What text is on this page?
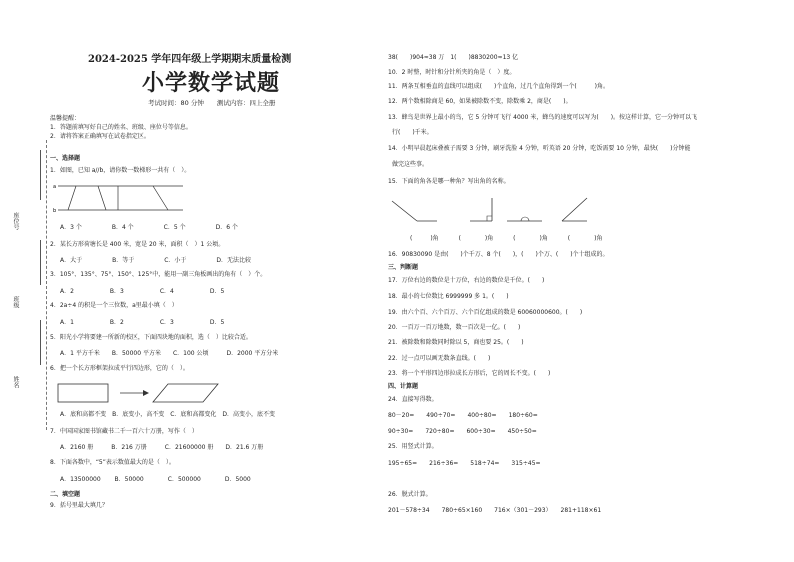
座位号
班级
姓名
2024-2025 学年四年级上学期期末质量检测
小学数学试题
考试时间：80 分钟　　测试内容：四上全册
温馨提醒：
1．答题前填写好自己的姓名、班级、座位号等信息。
2．请将答案正确填写在试卷指定区。
一、选择题
1．如图，已知 a//b，请你数一数梯形一共有（　）。
A．3 个　　　　　B．4 个　　　　　C．5 个　　　　　D．6 个
2．某长方形荷塘长是 400 米，宽是 20 米，面积（　）1 公顷。
A．大于　　　　　B．等于　　　　　C．小于　　　　　D．无法比较
3．105°、135°、75°、150°、125°中，能用一副三角板画出的角有（　）个。
A．2　　　　　　B．3　　　　　　C．4　　　　　　D．5
4．2a÷4 的积是一个三位数，a里最小填（　）
A．1　　　　　　B．2　　　　　　C．3　　　　　　D．5
5．阳光小学将要建一所新的校区，下面四块地的面积，选（　）比较合适。
A．1 平方千米　　B．50000 平方米　　C．100 公顷　　　D．2000 平方分米
6．把一个长方形框架拉成平行四边形，它的（　）。
A．底和高都不变　B．底变小，高不变　C．底和高都变化　D．高变小，底不变
7．中国国家图书馆藏书二千一百六十万册，写作（　）
A．2160 册　　　B．216 万册　　　C．21600000 册　　D．21.6 万册
8．下面各数中，“5”表示数值最大的是（　）。
A．13500000　　 B．50000　　　　C．500000　　　　D．5000
二、填空题
9．括号里最大填几？
a
b
38(　　)904≈38 万　1(　　)8830200≈13 亿
10．2 时整，时针和分针所夹的角是（　）度。
11．两条互相垂直的直线可以组成(　　)个直角，过几个直角得到一个(　　　)角。
12．两个数相除商是 60，如果被除数不变，除数乘 2，商是(　　)。
13．蜂鸟是世界上最小的鸟，它 5 分钟可飞行 4000 米，蜂鸟的速度可以写为(　　)。按这样计算，它一分钟可以飞
行(　　)千米。
14．小明早晨起床叠被子需要 3 分钟，刷牙洗脸 4 分钟，听英语 20 分钟，吃饭需要 10 分钟，最快(　　)分钟能
做完这些事。
15．下面的角各是哪一种角？写出角的名称。
(　　　)角 (　　　　)角 (　　　　)角 (　　　　)角
16．90830090 是由(　　)个千万、8 个(　　)，(　　)个万、(　　)个十组成的。
三、判断题
17．万位右边的数位是十万位，右边的数位是千位。(　　)
18．最小的七位数比 6999999 多 1。(　　)
19．由六个百、六个百万、六个百亿组成的数是 60060000600。(　　)
20．一百万一百万地数，数一百次是一亿。(　　)
21．被除数和除数同时除以 5，商也要 25。(　　)
22．过一点可以画无数条直线。(　　)
23．将一个平形四边形拉成长方形后，它的周长不变。(　　)
四、计算题
24．直接写得数。
80－20=　　490÷70=　　400÷80=　　180÷60=
90÷30=　　720÷80=　　600÷30=　　450÷50=
25．用竖式计算。
195÷65=　　216÷36=　　518÷74=　　315÷45=
26．脱式计算。
201－578÷34　　780÷65×160　　716×（301－293）　　281+118×61
